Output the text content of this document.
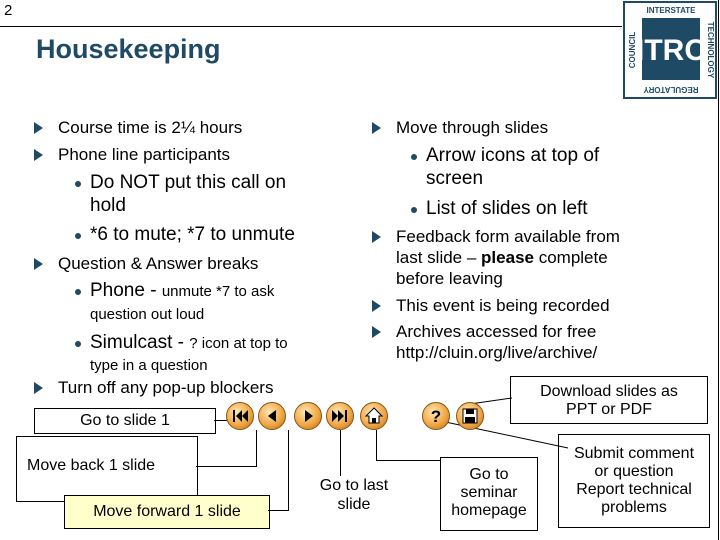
2
Housekeeping	ITRC
INTERSTATE
REGULATORY
COUNCIL	TECHNOLOGY
Course time is 2¼ hours
Phone line participants
Do NOT put this call on
hold
*6 to mute; *7 to unmute
Question & Answer breaks
Phone - unmute *7 to ask
question out loud
Simulcast - ? icon at top to
type in a question
Turn off any pop-up blockers
Move through slides
Arrow icons at top of
screen
List of slides on left
Feedback form available from
last slide – please complete
before leaving
This event is being recorded
Archives accessed for free
http://cluin.org/live/archive/
Go to slide 1
Move back 1 slide
Move forward 1 slide
Download slides as
PPT or PDF
Go to last
slide
Go to
seminar
homepage
Submit comment
or question
Report technical
problems
?
